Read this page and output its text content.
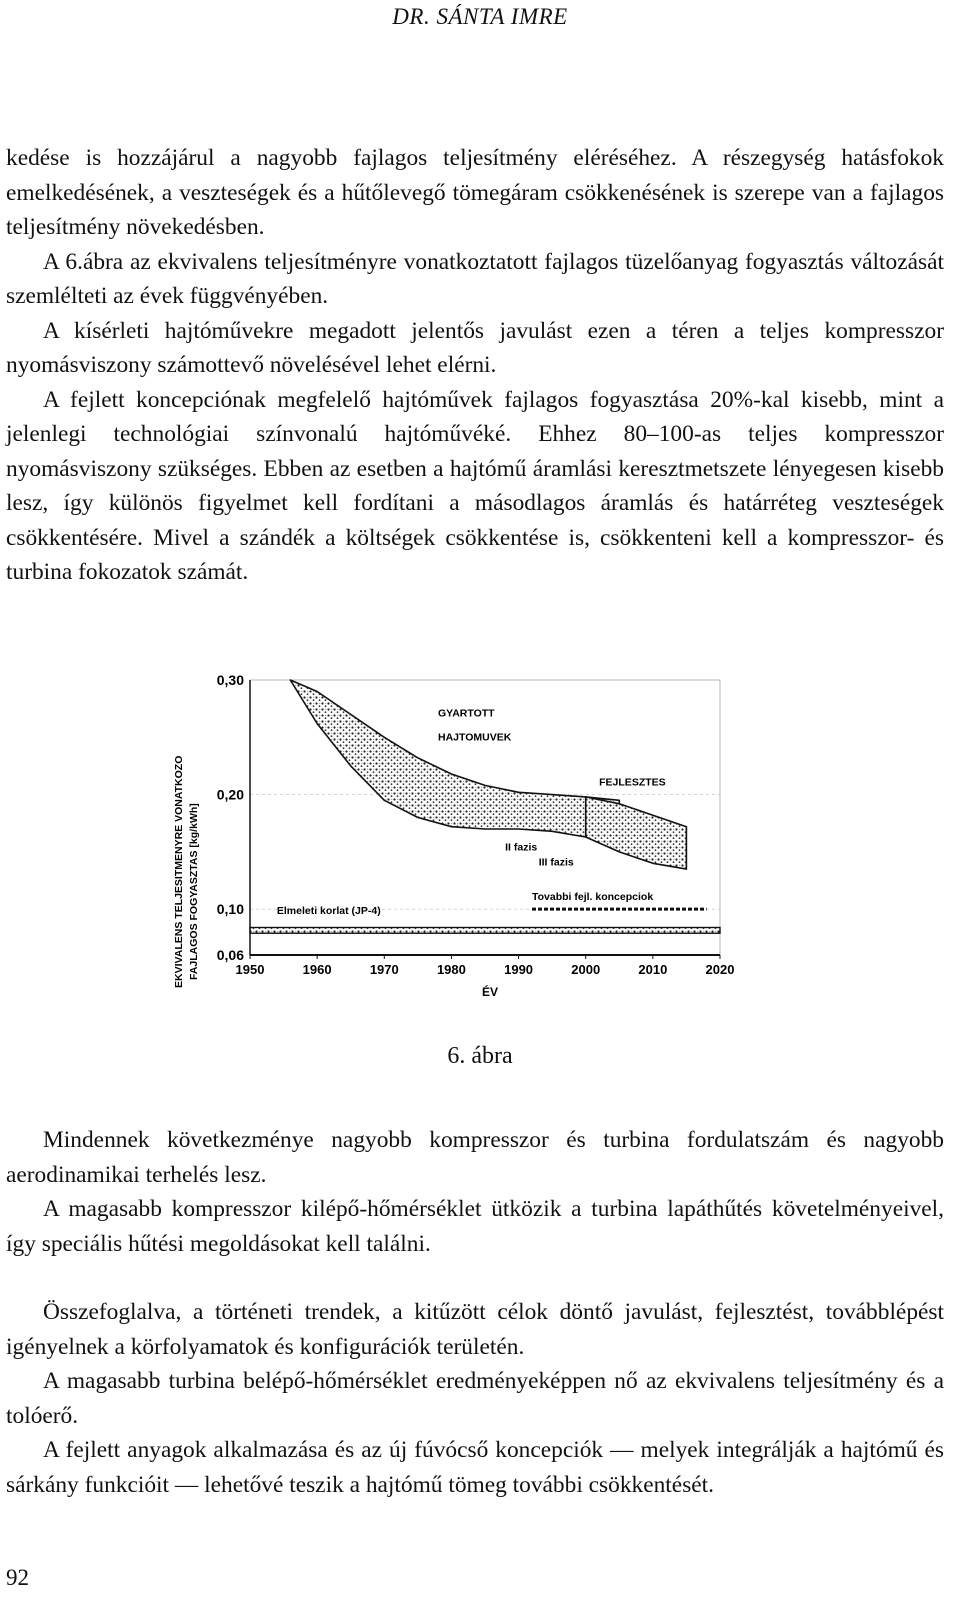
DR. SÁNTA IMRE

kedése is hozzájárul a nagyobb fajlagos teljesítmény eléréséhez. A részegység hatásfokok emelkedésének, a veszteségek és a hűtőlevegő tömegáram csökkenésének is szerepe van a fajlagos teljesítmény növekedésben.

A 6.ábra az ekvivalens teljesítményre vonatkoztatott fajlagos tüzelőanyag fogyasztás változását szemlélteti az évek függvényében.

A kísérleti hajtóművekre megadott jelentős javulást ezen a téren a teljes kompresszor nyomásviszony számottevő növelésével lehet elérni.

A fejlett koncepciónak megfelelő hajtóművek fajlagos fogyasztása 20%-kal kisebb, mint a jelenlegi technológiai színvonalú hajtóművéké. Ehhez 80–100-as teljes kompresszor nyomásviszony szükséges. Ebben az esetben a hajtómű áramlási keresztmetszete lényegesen kisebb lesz, így különös figyelmet kell fordítani a másodlagos áramlás és határréteg veszteségek csökkentésére. Mivel a szándék a költségek csökkentése is, csökkenteni kell a kompresszor- és turbina fokozatok számát.

1950	1960	1970	1980	1990	2000	2010	2020
0,30
0,20
0,10
0,06
GYARTOTT
HAJTOMUVEK
FEJLESZTES
II fazis
III fazis
Tovabbi fejl. koncepciok
Elmeleti korlat (JP-4)
ÉV
EKVIVALENS TELJESITMENYRE VONATKOZO FAJLAGOS FOGYASZTAS [kg/kWh]
6. ábra

Mindennek következménye nagyobb kompresszor és turbina fordulatszám és nagyobb aerodinamikai terhelés lesz.

A magasabb kompresszor kilépő-hőmérséklet ütközik a turbina lapáthűtés követelményeivel, így speciális hűtési megoldásokat kell találni.

Összefoglalva, a történeti trendek, a kitűzött célok döntő javulást, fejlesztést, továbblépést igényelnek a körfolyamatok és konfigurációk területén.

A magasabb turbina belépő-hőmérséklet eredményeképpen nő az ekvivalens teljesítmény és a tolóerő.

A fejlett anyagok alkalmazása és az új fúvócső koncepciók — melyek integrálják a hajtómű és sárkány funkcióit — lehetővé teszik a hajtómű tömeg további csökkentését.

92
